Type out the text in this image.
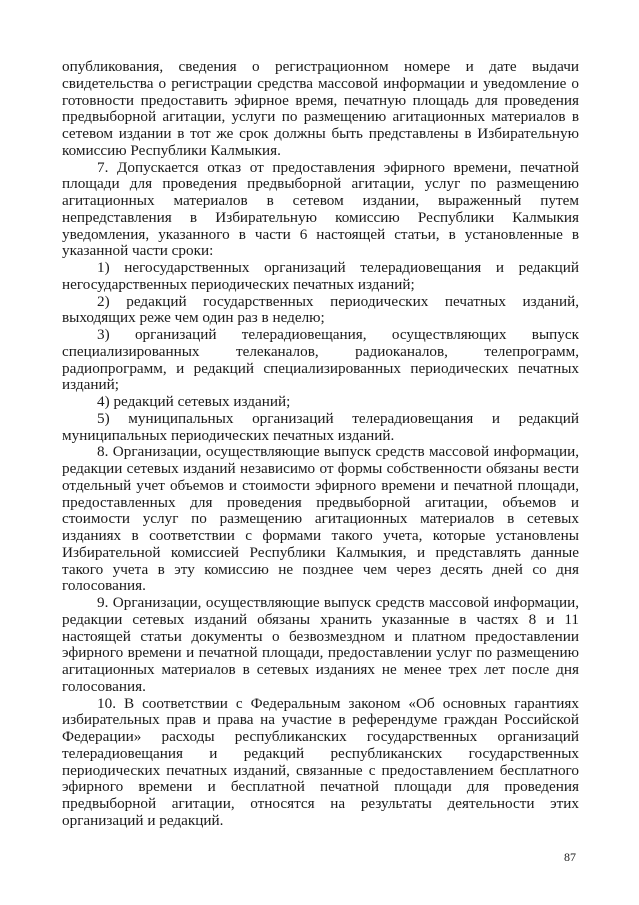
опубликования, сведения о регистрационном номере и дате выдачи свидетельства о регистрации средства массовой информации и уведомление о готовности предоставить эфирное время, печатную площадь для проведения предвыборной агитации, услуги по размещению агитационных материалов в сетевом издании в тот же срок должны быть представлены в Избирательную комиссию Республики Калмыкия.

7. Допускается отказ от предоставления эфирного времени, печатной площади для проведения предвыборной агитации, услуг по размещению агитационных материалов в сетевом издании, выраженный путем непредставления в Избирательную комиссию Республики Калмыкия уведомления, указанного в части 6 настоящей статьи, в установленные в указанной части сроки:

1) негосударственных организаций телерадиовещания и редакций негосударственных периодических печатных изданий;

2) редакций государственных периодических печатных изданий, выходящих реже чем один раз в неделю;

3) организаций телерадиовещания, осуществляющих выпуск специализированных телеканалов, радиоканалов, телепрограмм, радиопрограмм, и редакций специализированных периодических печатных изданий;

4) редакций сетевых изданий;

5) муниципальных организаций телерадиовещания и редакций муниципальных периодических печатных изданий.

8. Организации, осуществляющие выпуск средств массовой информации, редакции сетевых изданий независимо от формы собственности обязаны вести отдельный учет объемов и стоимости эфирного времени и печатной площади, предоставленных для проведения предвыборной агитации, объемов и стоимости услуг по размещению агитационных материалов в сетевых изданиях в соответствии с формами такого учета, которые установлены Избирательной комиссией Республики Калмыкия, и представлять данные такого учета в эту комиссию не позднее чем через десять дней со дня голосования.

9. Организации, осуществляющие выпуск средств массовой информации, редакции сетевых изданий обязаны хранить указанные в частях 8 и 11 настоящей статьи документы о безвозмездном и платном предоставлении эфирного времени и печатной площади, предоставлении услуг по размещению агитационных материалов в сетевых изданиях не менее трех лет после дня голосования.

10. В соответствии с Федеральным законом «Об основных гарантиях избирательных прав и права на участие в референдуме граждан Российской Федерации» расходы республиканских государственных организаций телерадиовещания и редакций республиканских государственных периодических печатных изданий, связанные с предоставлением бесплатного эфирного времени и бесплатной печатной площади для проведения предвыборной агитации, относятся на результаты деятельности этих организаций и редакций.

87
